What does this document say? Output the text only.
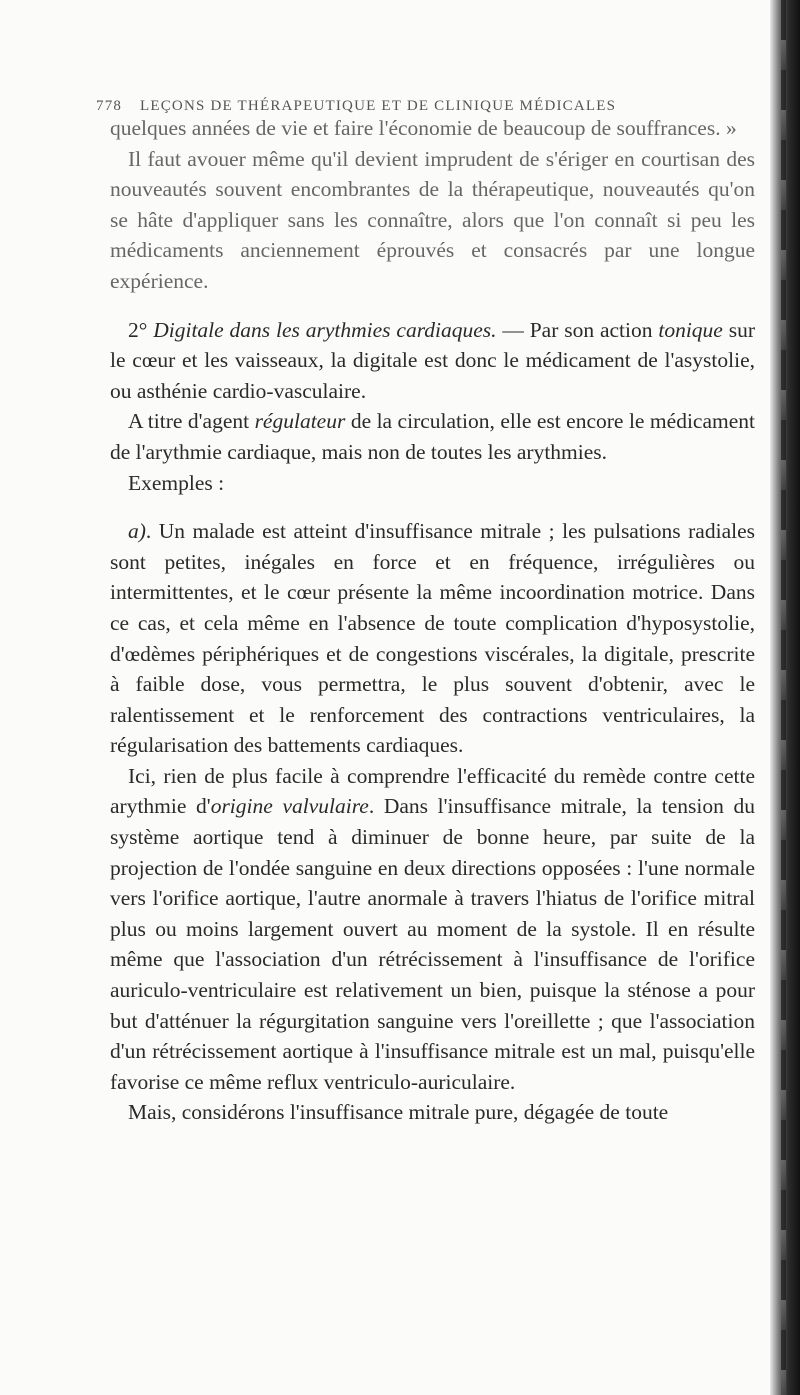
778 LEÇONS DE THÉRAPEUTIQUE ET DE CLINIQUE MÉDICALES

quelques années de vie et faire l'économie de beaucoup de souffrances. »

Il faut avouer même qu'il devient imprudent de s'ériger en courtisan des nouveautés souvent encombrantes de la thérapeutique, nouveautés qu'on se hâte d'appliquer sans les connaître, alors que l'on connaît si peu les médicaments anciennement éprouvés et consacrés par une longue expérience.

2° Digitale dans les arythmies cardiaques. — Par son action tonique sur le cœur et les vaisseaux, la digitale est donc le médicament de l'asystolie, ou asthénie cardio-vasculaire.

A titre d'agent régulateur de la circulation, elle est encore le médicament de l'arythmie cardiaque, mais non de toutes les arythmies.

Exemples :

a). Un malade est atteint d'insuffisance mitrale ; les pulsations radiales sont petites, inégales en force et en fréquence, irrégulières ou intermittentes, et le cœur présente la même incoordination motrice. Dans ce cas, et cela même en l'absence de toute complication d'hyposystolie, d'œdèmes périphériques et de congestions viscérales, la digitale, prescrite à faible dose, vous permettra, le plus souvent d'obtenir, avec le ralentissement et le renforcement des contractions ventriculaires, la régularisation des battements cardiaques.

Ici, rien de plus facile à comprendre l'efficacité du remède contre cette arythmie d'origine valvulaire. Dans l'insuffisance mitrale, la tension du système aortique tend à diminuer de bonne heure, par suite de la projection de l'ondée sanguine en deux directions opposées : l'une normale vers l'orifice aortique, l'autre anormale à travers l'hiatus de l'orifice mitral plus ou moins largement ouvert au moment de la systole. Il en résulte même que l'association d'un rétrécissement à l'insuffisance de l'orifice auriculo-ventriculaire est relativement un bien, puisque la sténose a pour but d'atténuer la régurgitation sanguine vers l'oreillette ; que l'association d'un rétrécissement aortique à l'insuffisance mitrale est un mal, puisqu'elle favorise ce même reflux ventriculo-auriculaire.

Mais, considérons l'insuffisance mitrale pure, dégagée de toute
